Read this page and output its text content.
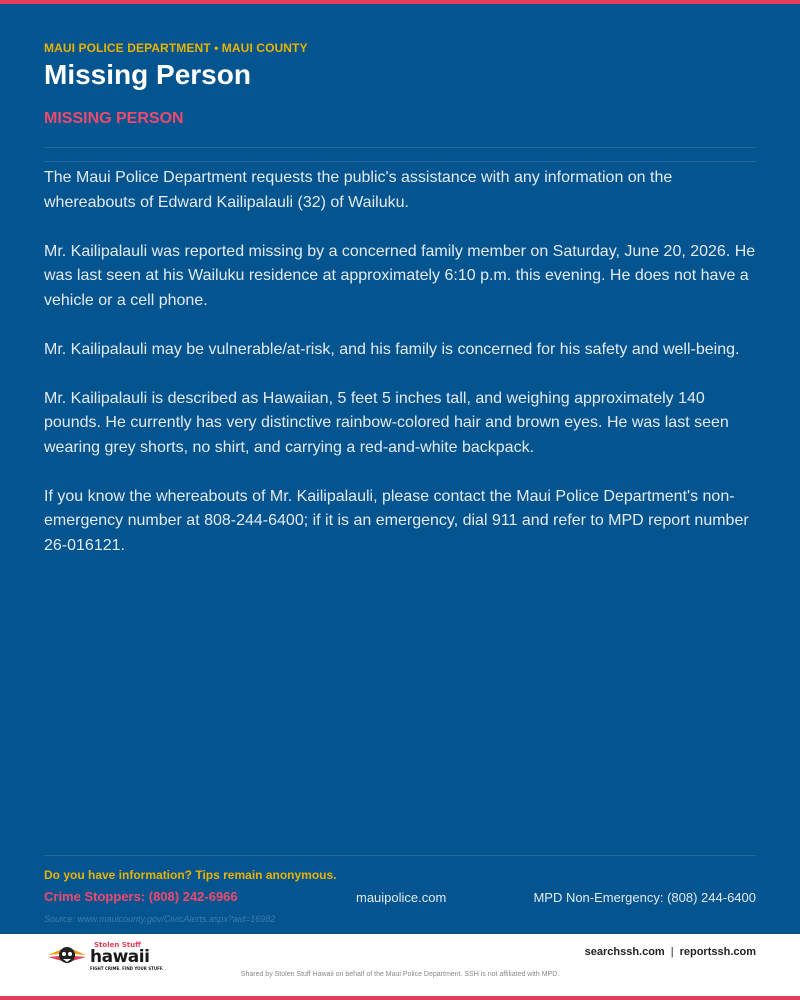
MAUI POLICE DEPARTMENT • MAUI COUNTY
Missing Person
MISSING PERSON

The Maui Police Department requests the public's assistance with any information on the whereabouts of Edward Kailipalauli (32) of Wailuku.

Mr. Kailipalauli was reported missing by a concerned family member on Saturday, June 20, 2026. He was last seen at his Wailuku residence at approximately 6:10 p.m. this evening. He does not have a vehicle or a cell phone.

Mr. Kailipalauli may be vulnerable/at-risk, and his family is concerned for his safety and well-being.

Mr. Kailipalauli is described as Hawaiian, 5 feet 5 inches tall, and weighing approximately 140 pounds. He currently has very distinctive rainbow-colored hair and brown eyes. He was last seen wearing grey shorts, no shirt, and carrying a red-and-white backpack.

If you know the whereabouts of Mr. Kailipalauli, please contact the Maui Police Department's non-emergency number at 808-244-6400; if it is an emergency, dial 911 and refer to MPD report number 26-016121.

Do you have information? Tips remain anonymous.
Crime Stoppers: (808) 242-6966	mauipolice.com	MPD Non-Emergency: (808) 244-6400
Source: www.mauicounty.gov/CivicAlerts.aspx?aid=16982
Stolen Stuff
hawaii
FIGHT CRIME. FIND YOUR STUFF.
searchssh.com | reportssh.com
Shared by Stolen Stuff Hawaii on behalf of the Maui Police Department. SSH is not affiliated with MPD.
